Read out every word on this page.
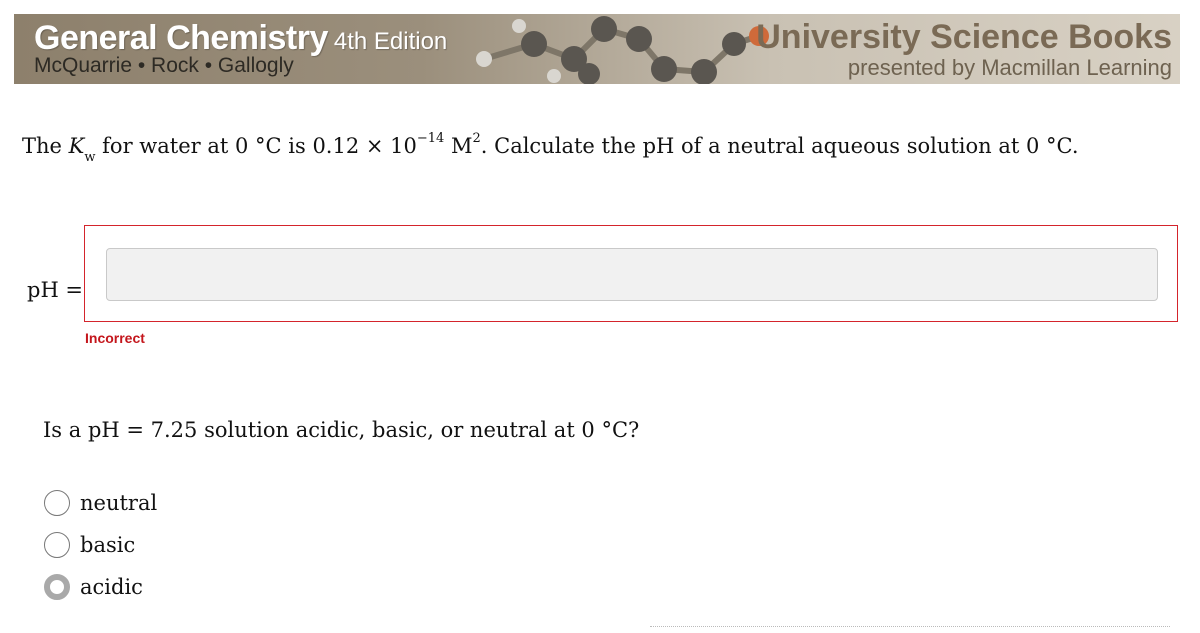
General Chemistry 4th Edition
McQuarrie • Rock • Gallogly
University Science Books
presented by Macmillan Learning
The $K_w$ for water at 0 °C is $0.12 \times 10^{-14}$ $M^2$. Calculate the pH of a neutral aqueous solution at 0 °C.
pH =
Incorrect
Is a pH = 7.25 solution acidic, basic, or neutral at 0 °C?
neutral
basic
acidic
